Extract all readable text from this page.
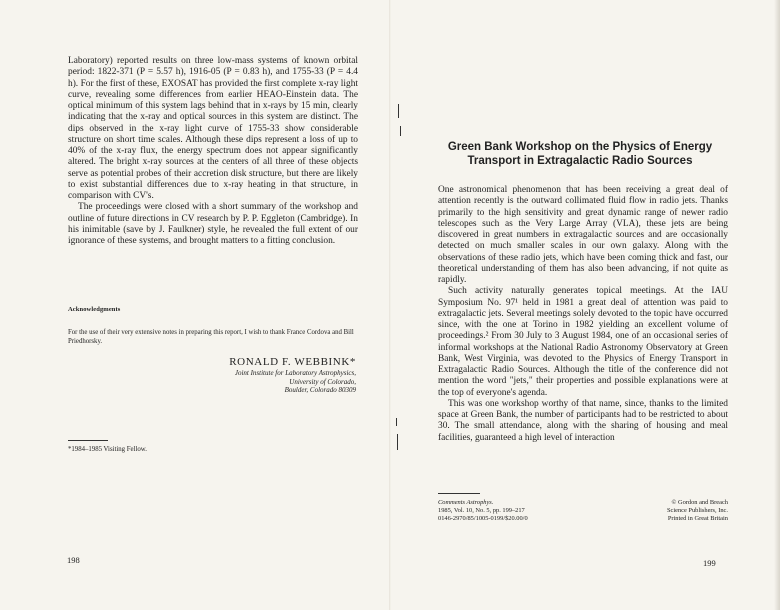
Laboratory) reported results on three low-mass systems of known orbital period: 1822-371 (P = 5.57 h), 1916-05 (P = 0.83 h), and 1755-33 (P = 4.4 h). For the first of these, EXOSAT has provided the first complete x-ray light curve, revealing some differences from earlier HEAO-Einstein data. The optical minimum of this system lags behind that in x-rays by 15 min, clearly indicating that the x-ray and optical sources in this system are distinct. The dips observed in the x-ray light curve of 1755-33 show considerable structure on short time scales. Although these dips represent a loss of up to 40% of the x-ray flux, the energy spectrum does not appear significantly altered. The bright x-ray sources at the centers of all three of these objects serve as potential probes of their accretion disk structure, but there are likely to exist substantial differences due to x-ray heating in that structure, in comparison with CV's.

The proceedings were closed with a short summary of the workshop and outline of future directions in CV research by P. P. Eggleton (Cambridge). In his inimitable (save by J. Faulkner) style, he revealed the full extent of our ignorance of these systems, and brought matters to a fitting conclusion.

Acknowledgments
For the use of their very extensive notes in preparing this report, I wish to thank France Cordova and Bill Priedhorsky.
RONALD F. WEBBINK*
Joint Institute for Laboratory Astrophysics,
University of Colorado,
Boulder, Colorado 80309
*1984–1985 Visiting Fellow.
198
Green Bank Workshop on the Physics of Energy
Transport in Extragalactic Radio Sources

One astronomical phenomenon that has been receiving a great deal of attention recently is the outward collimated fluid flow in radio jets. Thanks primarily to the high sensitivity and great dynamic range of newer radio telescopes such as the Very Large Array (VLA), these jets are being discovered in great numbers in extragalactic sources and are occasionally detected on much smaller scales in our own galaxy. Along with the observations of these radio jets, which have been coming thick and fast, our theoretical understanding of them has also been advancing, if not quite as rapidly.

Such activity naturally generates topical meetings. At the IAU Symposium No. 97¹ held in 1981 a great deal of attention was paid to extragalactic jets. Several meetings solely devoted to the topic have occurred since, with the one at Torino in 1982 yielding an excellent volume of proceedings.² From 30 July to 3 August 1984, one of an occasional series of informal workshops at the National Radio Astronomy Observatory at Green Bank, West Virginia, was devoted to the Physics of Energy Transport in Extragalactic Radio Sources. Although the title of the conference did not mention the word "jets," their properties and possible explanations were at the top of everyone's agenda.

This was one workshop worthy of that name, since, thanks to the limited space at Green Bank, the number of participants had to be restricted to about 30. The small attendance, along with the sharing of housing and meal facilities, guaranteed a high level of interaction

Comments Astrophys.
1985, Vol. 10, No. 5, pp. 199–217
0146-2970/85/1005-0199/$20.00/0
© Gordon and Breach
Science Publishers, Inc.
Printed in Great Britain
199
